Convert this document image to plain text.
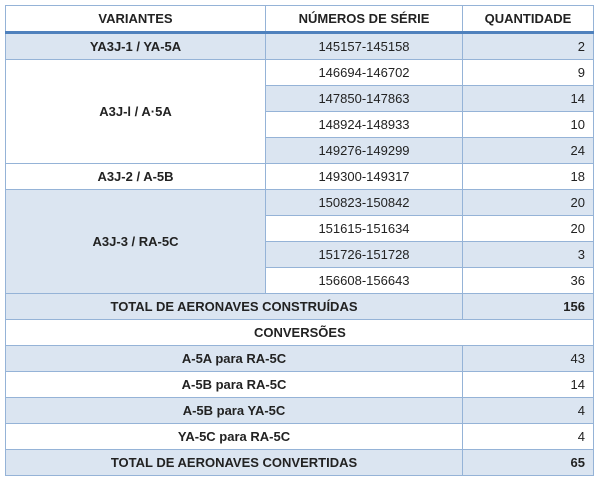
VARIANTES	NÚMEROS DE SÉRIE	QUANTIDADE
YA3J-1 / YA-5A	145157-145158	2
A3J-l / A·5A	146694-146702	9
	147850-147863	14
	148924-148933	10
	149276-149299	24
A3J-2 / A-5B	149300-149317	18
A3J-3 / RA-5C	150823-150842	20
	151615-151634	20
	151726-151728	3
	156608-156643	36
TOTAL DE AERONAVES CONSTRUÍDAS		156
CONVERSÕES		
A-5A para RA-5C		43
A-5B para RA-5C		14
A-5B para YA-5C		4
YA-5C para RA-5C		4
TOTAL DE AERONAVES CONVERTIDAS		65
